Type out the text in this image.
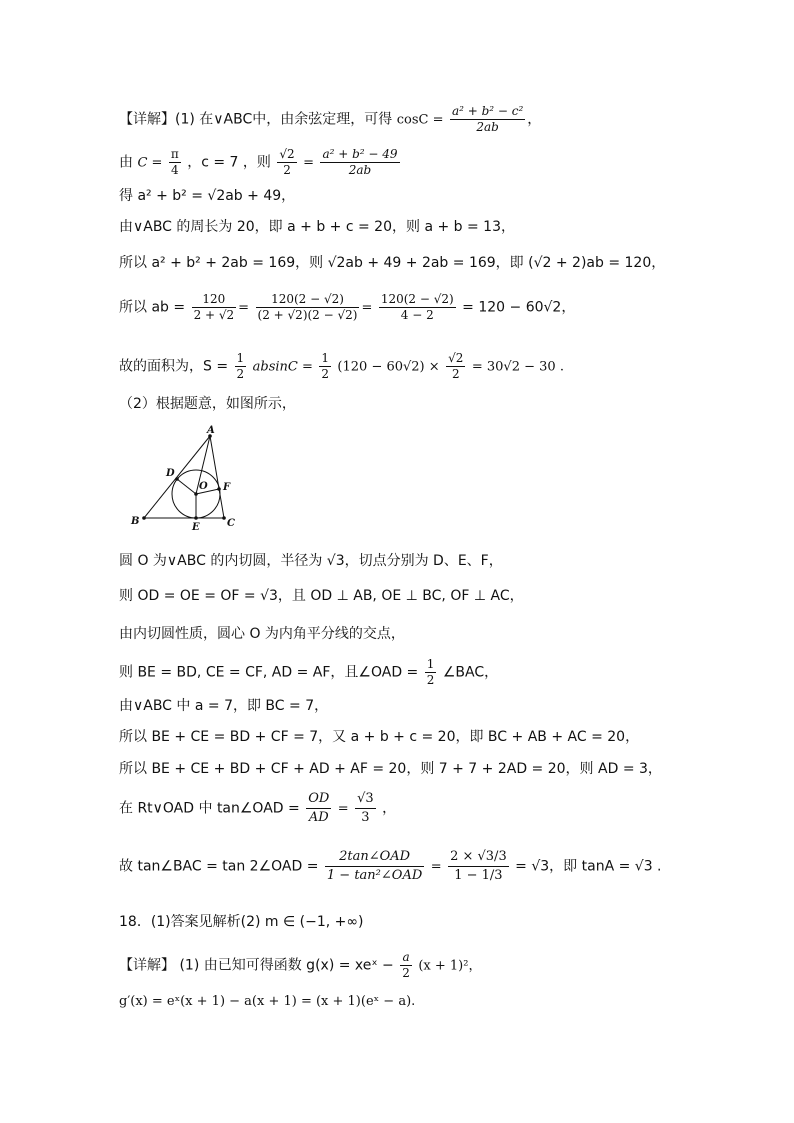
【详解】(1) 在∨ABC中，由余弦定理，可得 $\cos C = \frac{\text{a² + b² − c²}}{2ab}$ ，
由 $C = \frac{\pi}{4}$ ，c = 7 ，则 $\frac{√2}{2} = \frac{\text{a² + b² − 49}}{2ab}$
得 a² + b² = √2ab + 49，
由∨ABC 的周长为 20，即 a + b + c = 20，则 a + b = 13，
所以 a² + b² + 2ab = 169，则 √2ab + 49 + 2ab = 169，即 (√2 + 2)ab = 120，
所以 ab = $\frac{120}{2 + √2} = \frac{120(2 - √2)}{(2 + √2)(2 - √2)} = \frac{120(2 - √2)}{4 - 2} = 120 - 60√2$，
故的面积为，$S = \frac{1}{2}$ $absinC = \frac{1}{2} (120 - 60√2) \times \frac{√2}{2} = 30√2 - 30$ .
（2）根据题意，如图所示，
A
B	C
D
E
F
O
圆 O 为∨ABC 的内切圆，半径为 √3，切点分别为 D、E、F，
则 OD = OE = OF = √3，且 OD ⊥ AB, OE ⊥ BC, OF ⊥ AC，
由内切圆性质，圆心 O 为内角平分线的交点，
则 BE = BD, CE = CF, AD = AF，且∠OAD = $\frac{1}{2}$ ∠BAC，
由∨ABC 中 a = 7，即 BC = 7，
所以 BE + CE = BD + CF = 7，又 a + b + c = 20，即 BC + AB + AC = 20，
所以 BE + CE + BD + CF + AD + AF = 20，则 7 + 7 + 2AD = 20，则 AD = 3，
在 Rt∨OAD 中 tan∠OAD = $\frac{OD}{AD} = \frac{√3}{3}$ ，
故 tan∠BAC = tan 2∠OAD = $\frac{\text{2tan∠OAD}}{\text{1 − tan²∠OAD}} = \frac{2 \times √3/3}{1 - 1/3} = √3$，即 tanA = √3 .
18．(1)答案见解析(2) m ∈ (−1, +∞)
【详解】 (1) 由已知可得函数 g(x) = xeˣ − $\frac{a}{2} (x + 1)^2$，
g′(x) = eˣ(x + 1) − a(x + 1) = (x + 1)(eˣ − a).
